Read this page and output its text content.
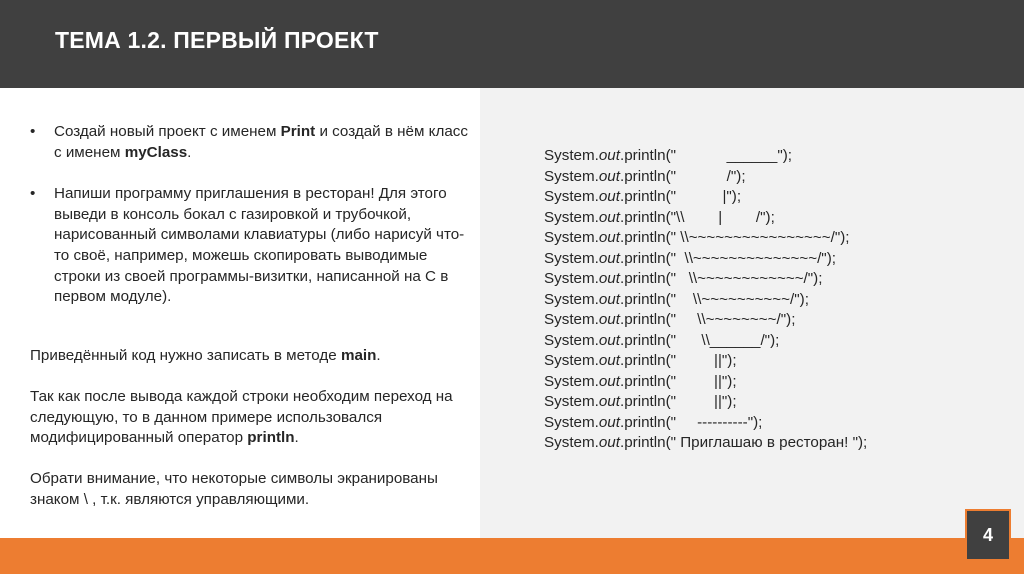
ТЕМА 1.2. ПЕРВЫЙ ПРОЕКТ
• Создай новый проект с именем Print и создай в нём класс с именем myClass.
• Напиши программу приглашения в ресторан! Для этого выведи в консоль бокал с газировкой и трубочкой, нарисованный символами клавиатуры (либо нарисуй что-то своё, например, можешь скопировать выводимые строки из своей программы-визитки, написанной на С в первом модуле).
Приведённый код нужно записать в методе main.
Так как после вывода каждой строки необходим переход на следующую, то в данном примере использовался модифицированный оператор println.
Обрати внимание, что некоторые символы экранированы знаком \ , т.к. являются управляющими.
System.out.println("            ______");
System.out.println("            /");
System.out.println("           |");
System.out.println("\\        |        /");
System.out.println(" \\~~~~~~~~~~~~~~~~/");
System.out.println("  \\~~~~~~~~~~~~~~/");
System.out.println("   \\~~~~~~~~~~~~/");
System.out.println("    \\~~~~~~~~~~/");
System.out.println("     \\~~~~~~~~/");
System.out.println("      \\______/");
System.out.println("         ||");
System.out.println("         ||");
System.out.println("         ||");
System.out.println("     ----------");
System.out.println(" Приглашаю в ресторан! ");
4
